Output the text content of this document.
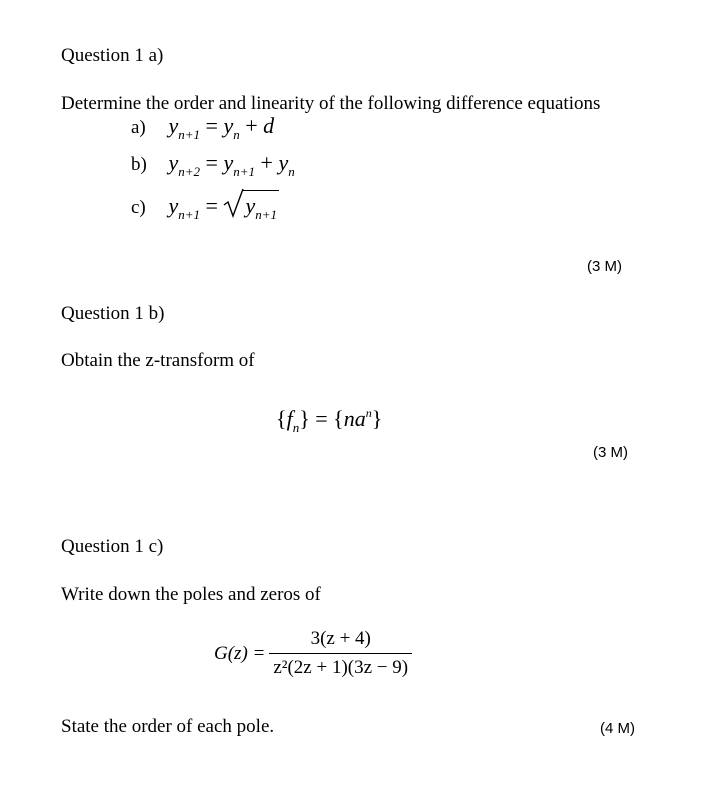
Question 1 a)
Determine the order and linearity of the following difference equations
a) $y_{n+1} = y_n + d$
b) $y_{n+2} = y_{n+1} + y_n$
c) $y_{n+1}$ =
$y_{n+1}$
(3 M)
Question 1 b)
Obtain the z-transform of
$\{f_n\} = \{na^n\}$
(3 M)
Question 1 c)
Write down the poles and zeros of
$G(z) = \frac{3(z + 4)}{\text{z²(2z + 1)(3z − 9)}}$
State the order of each pole.	(4 M)
